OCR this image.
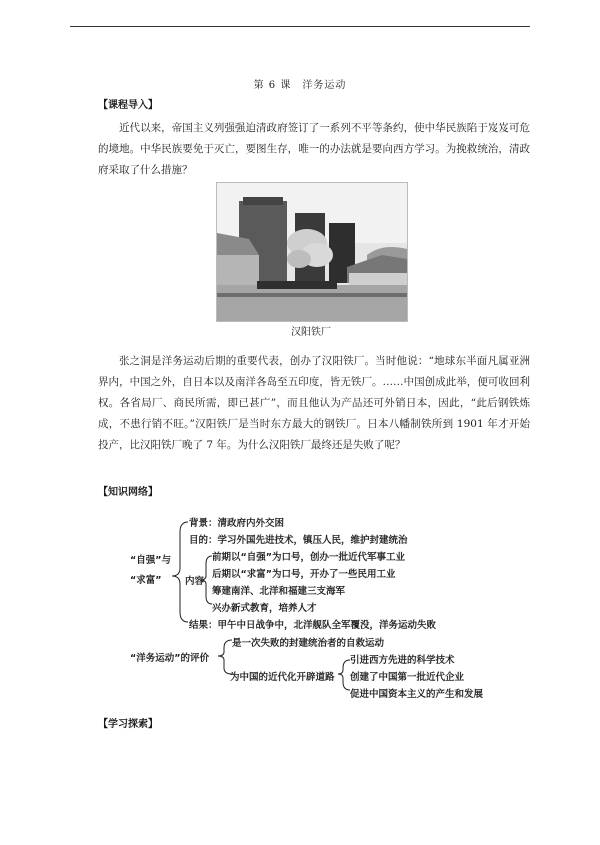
第 6 课　洋务运动
【课程导入】
近代以来，帝国主义列强强迫清政府签订了一系列不平等条约，使中华民族陷于岌岌可危的境地。中华民族要免于灭亡，要图生存，唯一的办法就是要向西方学习。为挽救统治，清政府采取了什么措施？
汉阳铁厂
张之洞是洋务运动后期的重要代表，创办了汉阳铁厂。当时他说：“地球东半面凡属亚洲界内，中国之外，自日本以及南洋各岛至五印度，皆无铁厂。……中国创成此举，便可收回利权。各省局厂、商民所需，即已甚广”，而且他认为产品还可外销日本，因此，“此后钢铁炼成，不患行销不旺。”汉阳铁厂是当时东方最大的钢铁厂。日本八幡制铁所到 1901 年才开始投产，比汉阳铁厂晚了 7 年。为什么汉阳铁厂最终还是失败了呢？
【知识网络】
“自强”与
“求富”
背景：清政府内外交困
目的：学习外国先进技术，镇压人民，维护封建统治
内容
前期以“自强”为口号，创办一批近代军事工业
后期以“求富”为口号，开办了一些民用工业
筹建南洋、北洋和福建三支海军
兴办新式教育，培养人才
结果：甲午中日战争中，北洋舰队全军覆没，洋务运动失败
“洋务运动”的评价
是一次失败的封建统治者的自救运动
为中国的近代化开辟道路
引进西方先进的科学技术
创建了中国第一批近代企业
促进中国资本主义的产生和发展
【学习探索】
